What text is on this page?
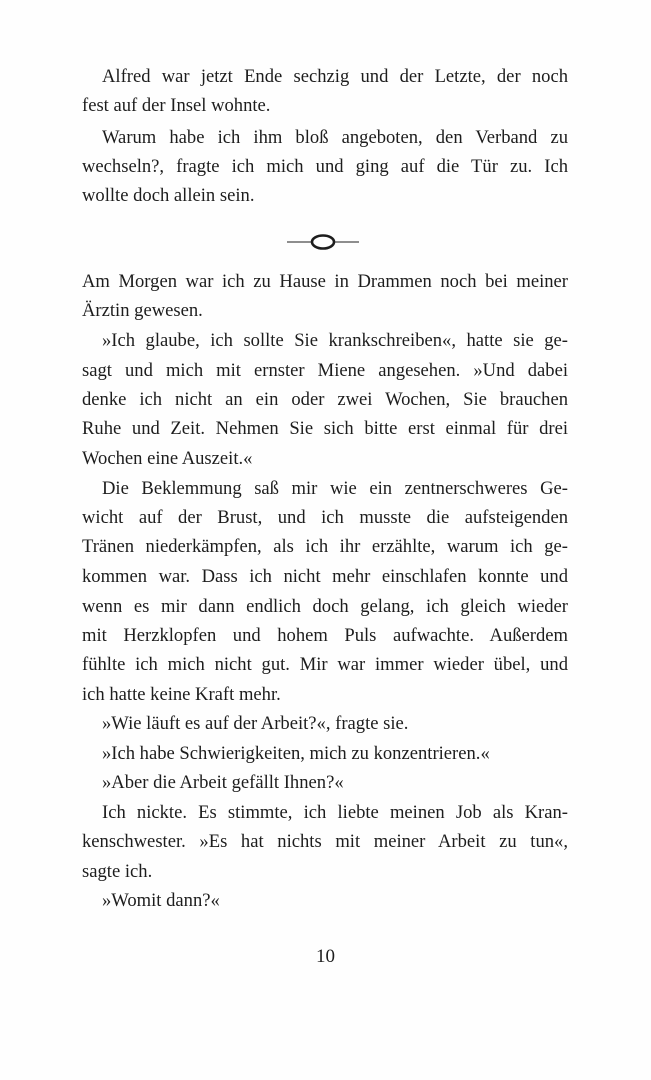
Alfred war jetzt Ende sechzig und der Letzte, der noch
fest auf der Insel wohnte.
Warum habe ich ihm bloß angeboten, den Verband zu
wechseln?, fragte ich mich und ging auf die Tür zu. Ich
wollte doch allein sein.
Am Morgen war ich zu Hause in Drammen noch bei meiner
Ärztin gewesen.
»Ich glaube, ich sollte Sie krankschreiben«, hatte sie ge-
sagt und mich mit ernster Miene angesehen. »Und dabei
denke ich nicht an ein oder zwei Wochen, Sie brauchen
Ruhe und Zeit. Nehmen Sie sich bitte erst einmal für drei
Wochen eine Auszeit.«
Die Beklemmung saß mir wie ein zentnerschweres Ge-
wicht auf der Brust, und ich musste die aufsteigenden
Tränen niederkämpfen, als ich ihr erzählte, warum ich ge-
kommen war. Dass ich nicht mehr einschlafen konnte und
wenn es mir dann endlich doch gelang, ich gleich wieder
mit Herzklopfen und hohem Puls aufwachte. Außerdem
fühlte ich mich nicht gut. Mir war immer wieder übel, und
ich hatte keine Kraft mehr.
»Wie läuft es auf der Arbeit?«, fragte sie.
»Ich habe Schwierigkeiten, mich zu konzentrieren.«
»Aber die Arbeit gefällt Ihnen?«
Ich nickte. Es stimmte, ich liebte meinen Job als Kran-
kenschwester. »Es hat nichts mit meiner Arbeit zu tun«,
sagte ich.
»Womit dann?«
10
